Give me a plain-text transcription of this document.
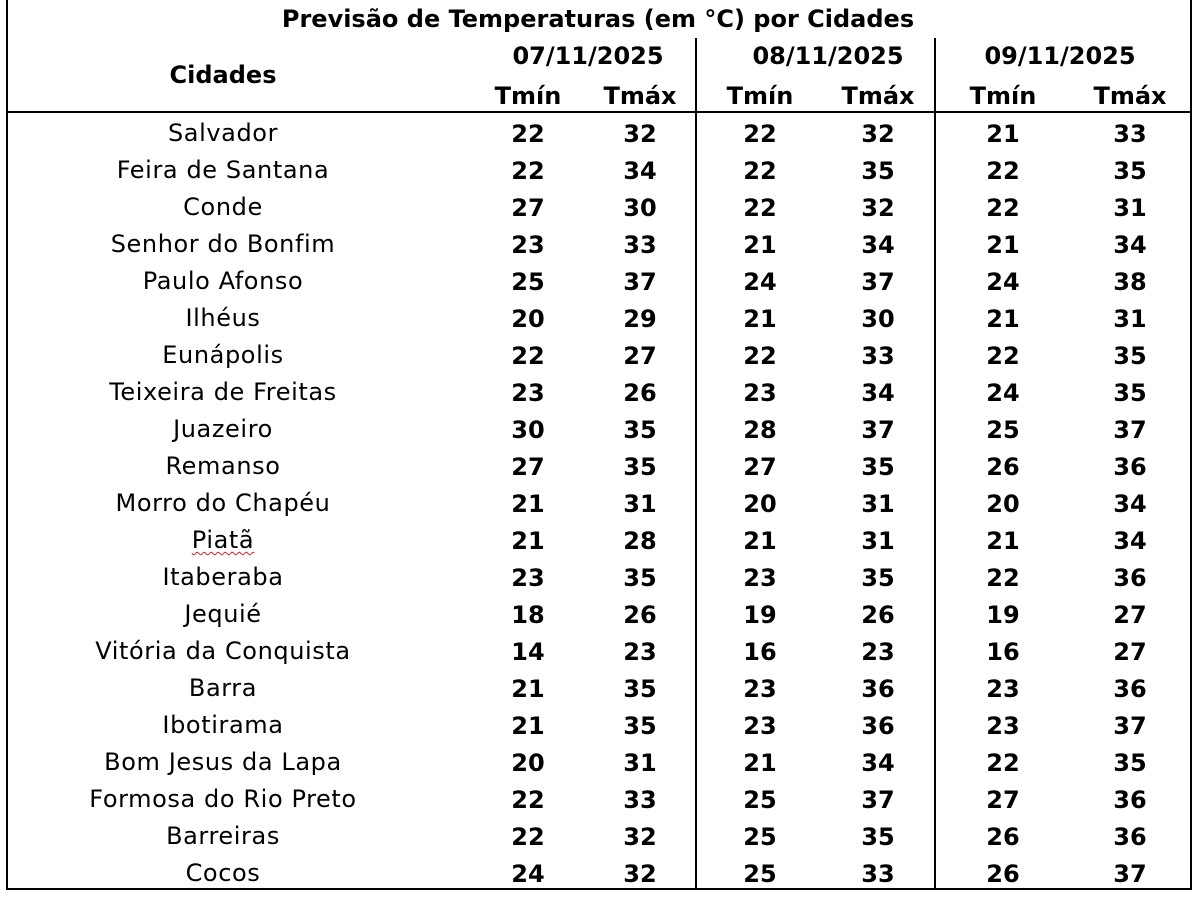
Previsão de Temperaturas (em °C) por Cidades
Cidades
07/11/2025	08/11/2025	09/11/2025
Tmín	Tmáx	Tmín	Tmáx	Tmín	Tmáx
Salvador	22	32	22	32	21	33
Feira de Santana	22	34	22	35	22	35
Conde	27	30	22	32	22	31
Senhor do Bonfim	23	33	21	34	21	34
Paulo Afonso	25	37	24	37	24	38
Ilhéus	20	29	21	30	21	31
Eunápolis	22	27	22	33	22	35
Teixeira de Freitas	23	26	23	34	24	35
Juazeiro	30	35	28	37	25	37
Remanso	27	35	27	35	26	36
Morro do Chapéu	21	31	20	31	20	34
Piatã	21	28	21	31	21	34
Itaberaba	23	35	23	35	22	36
Jequié	18	26	19	26	19	27
Vitória da Conquista	14	23	16	23	16	27
Barra	21	35	23	36	23	36
Ibotirama	21	35	23	36	23	37
Bom Jesus da Lapa	20	31	21	34	22	35
Formosa do Rio Preto	22	33	25	37	27	36
Barreiras	22	32	25	35	26	36
Cocos	24	32	25	33	26	37
